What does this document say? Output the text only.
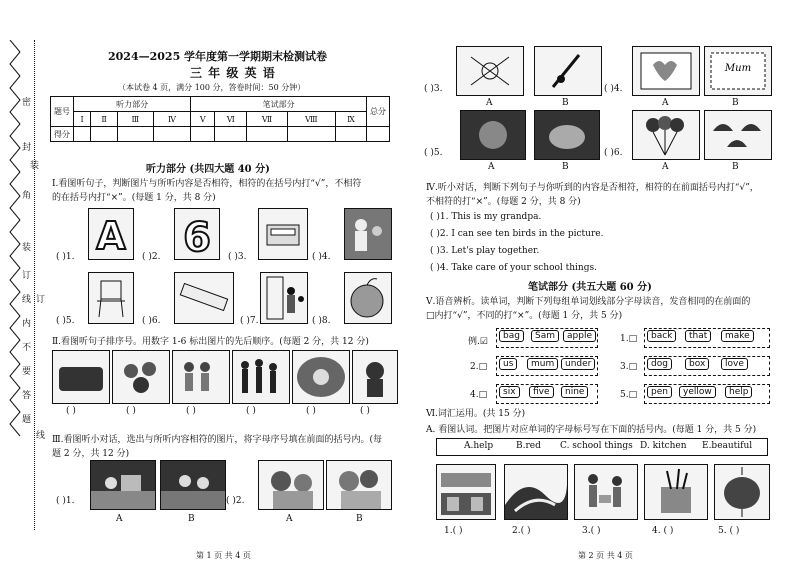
密
封
装
角
装
订
线
内
不
要
答
题
线
订
2024—2025 学年度第一学期期末检测试卷
三 年 级 英 语
（本试卷 4 页，满分 100 分，答卷时间：50 分钟）
题号	听力部分				笔试部分					总分
	Ⅰ	Ⅱ	Ⅲ	Ⅳ	Ⅴ	Ⅵ	Ⅶ	Ⅷ	Ⅸ	
得分										
听力部分 (共四大题 40 分)
Ⅰ.看图听句子，判断图片与所听内容是否相符，相符的在括号内打“√”，不相符
的在括号内打“×”。(每题 1 分，共 8 分)
( )1. A ( )2. 6 ( )3.	( )4.
( )5.	( )6.	( )7.	( )8.
Ⅱ.看图听句子排序号。用数字 1-6 标出图片的先后顺序。(每题 2 分，共 12 分)
( )	( )	( )	( )	( )	( )
Ⅲ.看图听小对话，选出与所听内容相符的图片，将字母序号填在前面的括号内。(每
题 2 分，共 12 分)
( )1.
A	B
( )2.
A	B
第 1 页 共 4 页
( )3.
A	B
( )4.
Mum
A	B
( )5.
A	B
( )6.
A	B
Ⅳ.听小对话，判断下列句子与你听到的内容是否相符，相符的在前面括号内打“√”，
不相符的打“×”。(每题 2 分，共 8 分)
( )1. This is my grandpa.
( )2. I can see ten birds in the picture.
( )3. Let's play together.
( )4. Take care of your school things.
笔试部分 (共五大题 60 分)
Ⅴ.语音辨析。读单词，判断下列每组单词划线部分字母读音，发音相同的在前面的
□内打“√”，不同的打“×”。(每题 1 分，共 5 分)
例.☑
bag	Sam	apple	1.□	back	that	make
2.□	us	mum	under	3.□	dog	box	love
4.□	six	five	nine	5.□	pen	yellow	help
Ⅵ.词汇运用。(共 15 分)
A. 看图认词。把图片对应单词的字母标号写在下面的括号内。(每题 1 分，共 5 分)
A.help	B.red C. school things D. kitchen E.beautiful
1.( )	2.( )	3.( )	4. ( )	5. ( )
第 2 页 共 4 页
